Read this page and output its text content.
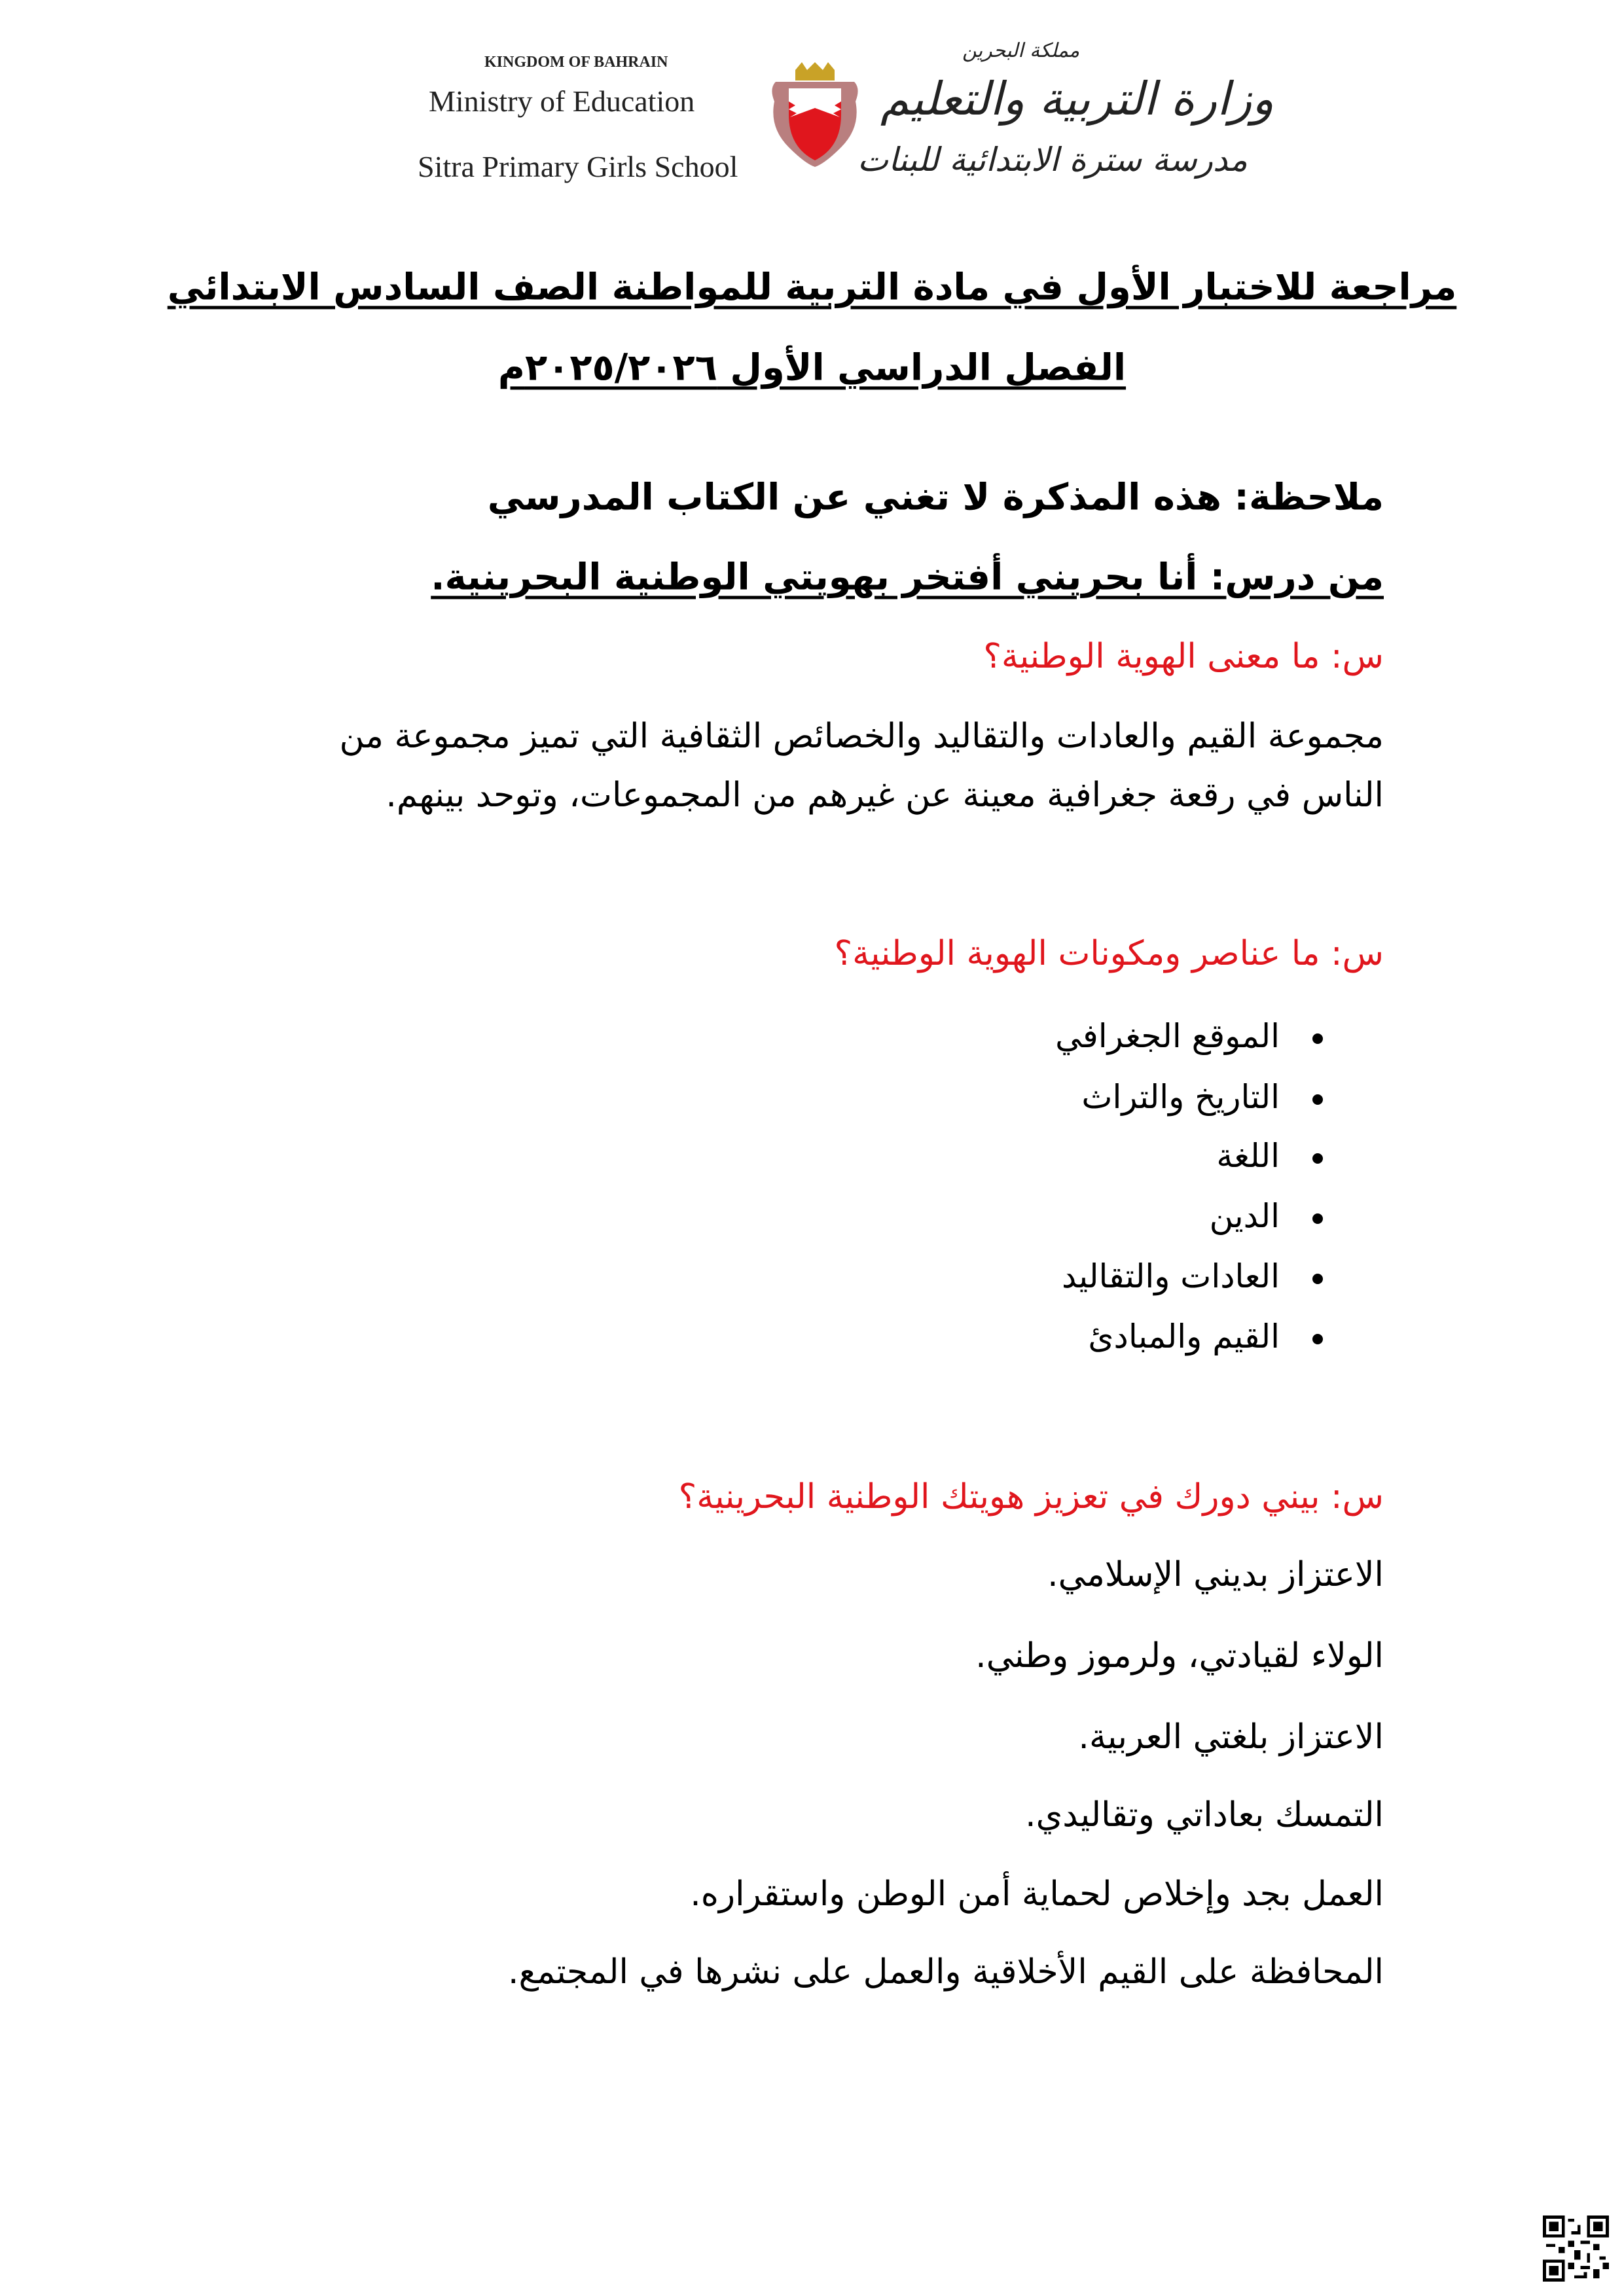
KINGDOM OF BAHRAIN
Ministry of Education
Sitra Primary Girls School
مملكة البحرين
وزارة التربية والتعليم
مدرسة سترة الابتدائية للبنات
مراجعة للاختبار الأول في مادة التربية للمواطنة الصف السادس الابتدائي
الفصل الدراسي الأول ٢٠٢٥/٢٠٢٦م
ملاحظة: هذه المذكرة لا تغني عن الكتاب المدرسي
من درس: أنا بحريني أفتخر بهويتي الوطنية البحرينية.
س: ما معنى الهوية الوطنية؟
مجموعة القيم والعادات والتقاليد والخصائص الثقافية التي تميز مجموعة من
الناس في رقعة جغرافية معينة عن غيرهم من المجموعات، وتوحد بينهم.
س: ما عناصر ومكونات الهوية الوطنية؟
الموقع الجغرافي
التاريخ والتراث
اللغة
الدين
العادات والتقاليد
القيم والمبادئ
س: بيني دورك في تعزيز هويتك الوطنية البحرينية؟
الاعتزاز بديني الإسلامي.
الولاء لقيادتي، ولرموز وطني.
الاعتزاز بلغتي العربية.
التمسك بعاداتي وتقاليدي.
العمل بجد وإخلاص لحماية أمن الوطن واستقراره.
المحافظة على القيم الأخلاقية والعمل على نشرها في المجتمع.
